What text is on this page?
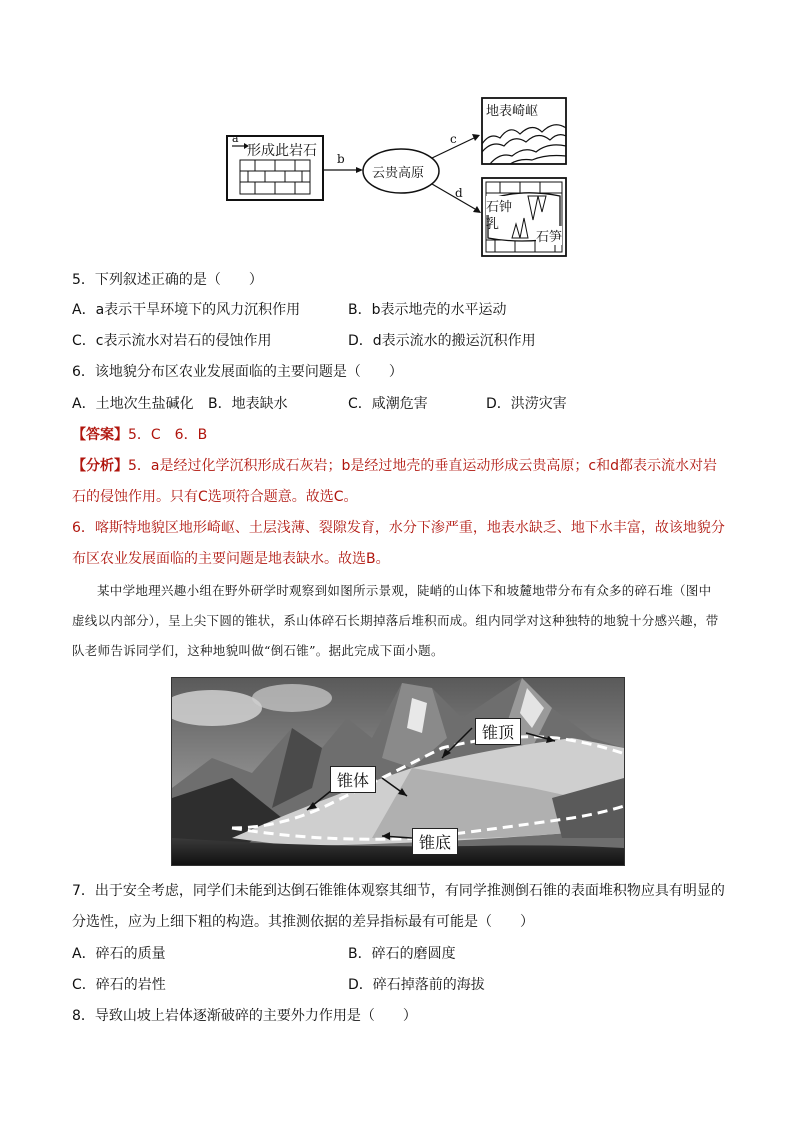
a
形成此岩石 b
云贵高原
c
d
地表崎岖
石钟
乳
石笋
5．下列叙述正确的是（　　）
A．a表示干旱环境下的风力沉积作用	B．b表示地壳的水平运动
C．c表示流水对岩石的侵蚀作用	D．d表示流水的搬运沉积作用
6．该地貌分布区农业发展面临的主要问题是（　　）
A．土地次生盐碱化 B．地表缺水	C．咸潮危害	D．洪涝灾害
【答案】5．C　6．B
【分析】5．a是经过化学沉积形成石灰岩；b是经过地壳的垂直运动形成云贵高原；c和d都表示流水对岩
石的侵蚀作用。只有C选项符合题意。故选C。
6．喀斯特地貌区地形崎岖、土层浅薄、裂隙发育，水分下渗严重，地表水缺乏、地下水丰富，故该地貌分
布区农业发展面临的主要问题是地表缺水。故选B。
某中学地理兴趣小组在野外研学时观察到如图所示景观，陡峭的山体下和坡麓地带分布有众多的碎石堆（图中虚线以内部分），呈上尖下圆的锥状，系山体碎石长期掉落后堆积而成。组内同学对这种独特的地貌十分感兴趣，带队老师告诉同学们，这种地貌叫做“倒石锥”。据此完成下面小题。
锥顶
锥体
锥底
7．出于安全考虑，同学们未能到达倒石锥锥体观察其细节，有同学推测倒石锥的表面堆积物应具有明显的
分选性，应为上细下粗的构造。其推测依据的差异指标最有可能是（　　）
A．碎石的质量	B．碎石的磨圆度
C．碎石的岩性	D．碎石掉落前的海拔
8．导致山坡上岩体逐渐破碎的主要外力作用是（　　）
